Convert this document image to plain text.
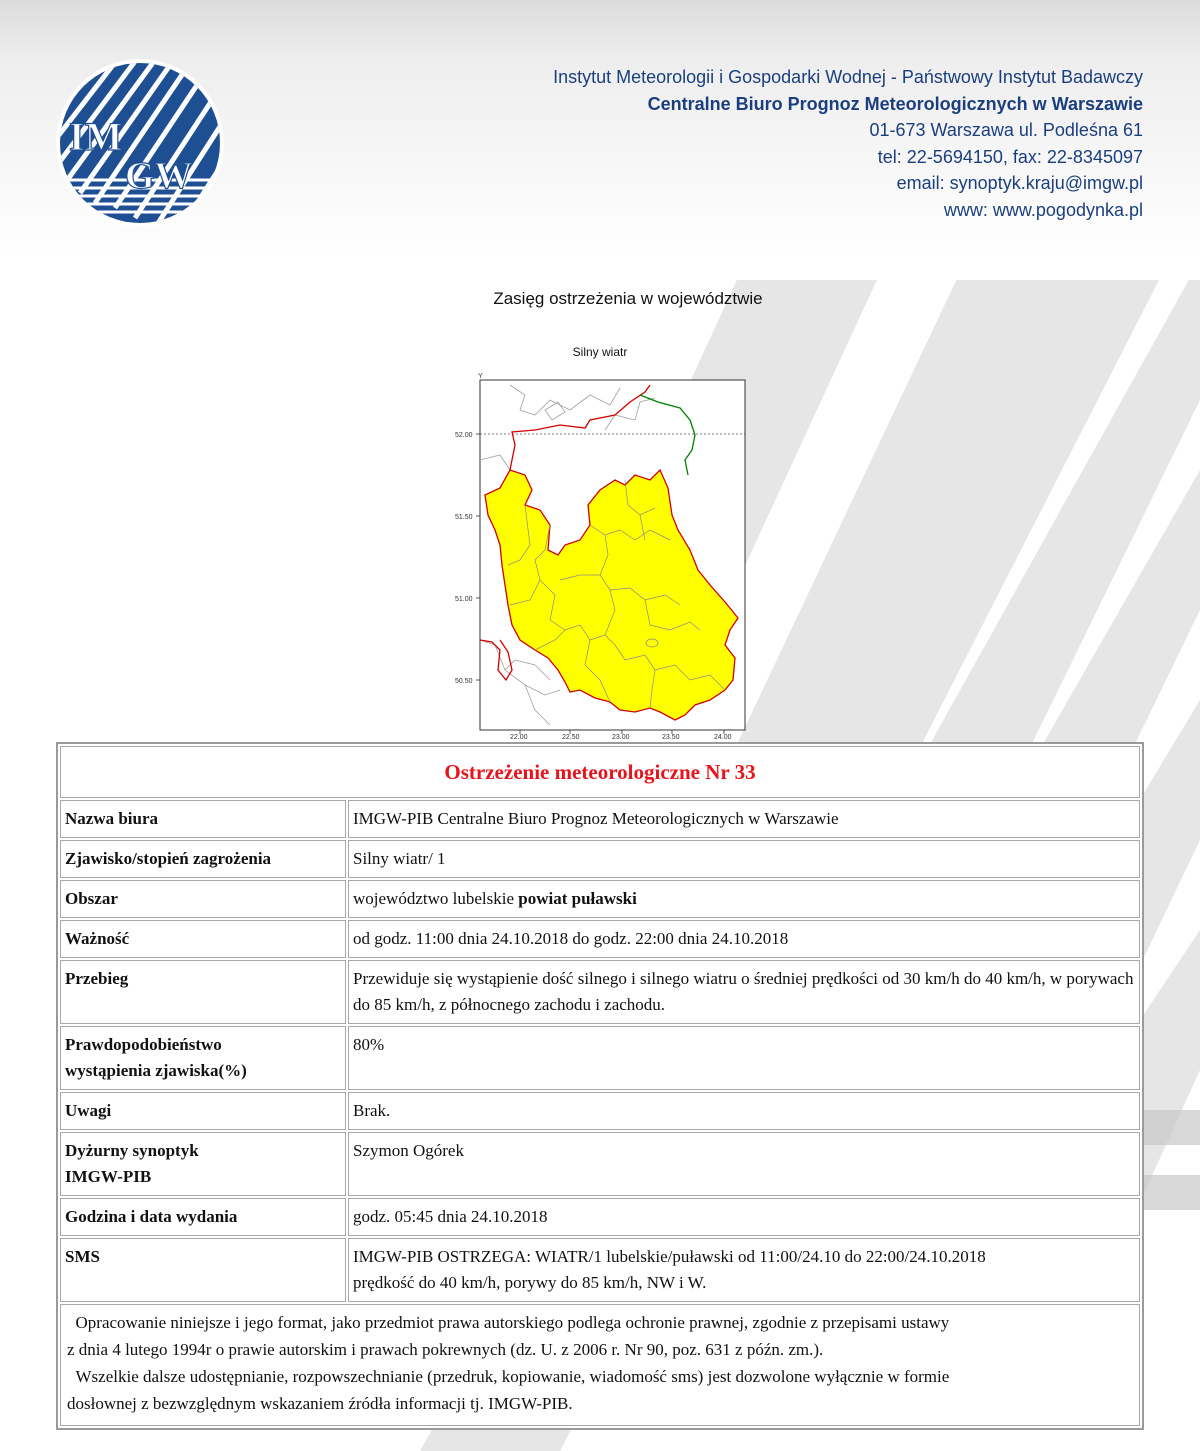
IM
GW
Instytut Meteorologii i Gospodarki Wodnej - Państwowy Instytut Badawczy
Centralne Biuro Prognoz Meteorologicznych w Warszawie
01-673 Warszawa ul. Podleśna 61
tel: 22-5694150, fax: 22-8345097
email: synoptyk.kraju@imgw.pl
www: www.pogodynka.pl
Zasięg ostrzeżenia w województwie
Y
52.00
51.50
51.00
50.50
22.00	22.50	23.00	23.50	24.00
Silny wiatr
Ostrzeżenie meteorologiczne Nr 33	
Nazwa biura	IMGW-PIB Centralne Biuro Prognoz Meteorologicznych w Warszawie
Zjawisko/stopień zagrożenia	Silny wiatr/ 1
Obszar	województwo lubelskie powiat puławski
Ważność	od godz. 11:00 dnia 24.10.2018 do godz. 22:00 dnia 24.10.2018
Przebieg	Przewiduje się wystąpienie dość silnego i silnego wiatru o średniej prędkości od 30 km/h do 40 km/h, w porywach do 85 km/h, z północnego zachodu i zachodu.
Prawdopodobieństwo
wystąpienia zjawiska(%)	80%
Uwagi	Brak.
Dyżurny synoptyk
IMGW-PIB	Szymon Ogórek
Godzina i data wydania	godz. 05:45 dnia 24.10.2018
SMS	IMGW-PIB OSTRZEGA: WIATR/1 lubelskie/puławski od 11:00/24.10 do 22:00/24.10.2018
prędkość do 40 km/h, porywy do 85 km/h, NW i W.

Opracowanie niniejsze i jego format, jako przedmiot prawa autorskiego podlega ochronie prawnej, zgodnie z przepisami ustawy
z dnia 4 lutego 1994r o prawie autorskim i prawach pokrewnych (dz. U. z 2006 r. Nr 90, poz. 631 z późn. zm.).

Wszelkie dalsze udostępnianie, rozpowszechnianie (przedruk, kopiowanie, wiadomość sms) jest dozwolone wyłącznie w formie
dosłownej z bezwzględnym wskazaniem źródła informacji tj. IMGW-PIB.	
